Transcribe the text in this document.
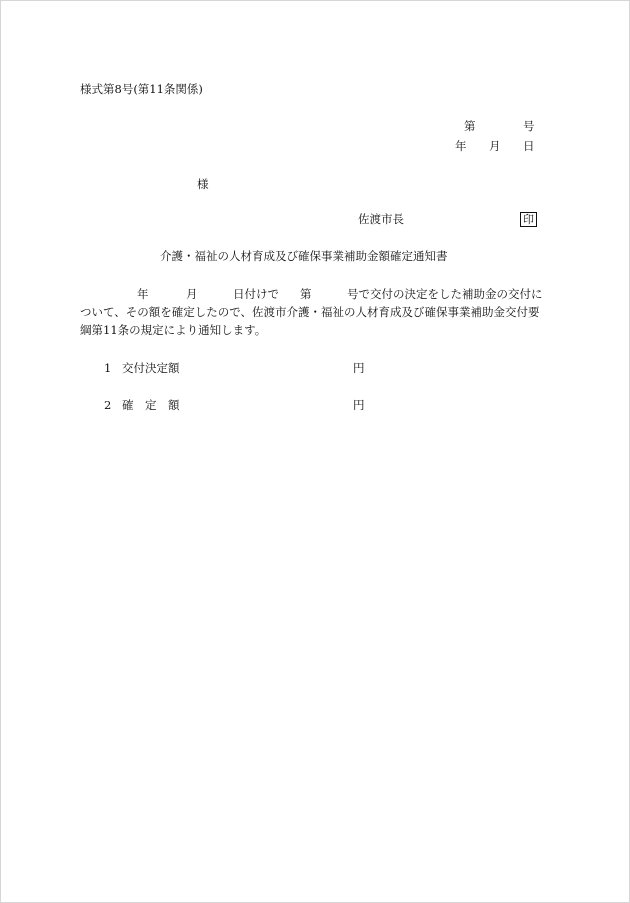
様式第8号(第11条関係)
第	号
年 月 日
様
佐渡市長	印
介護・福祉の人材育成及び確保事業補助金額確定通知書
年	月	日付けで 第	号で交付の決定をした補助金の交付に
ついて、その額を確定したので、佐渡市介護・福祉の人材育成及び確保事業補助金交付要
綱第11条の規定により通知します。
1 交付決定額	円
2 確　定　額	円
